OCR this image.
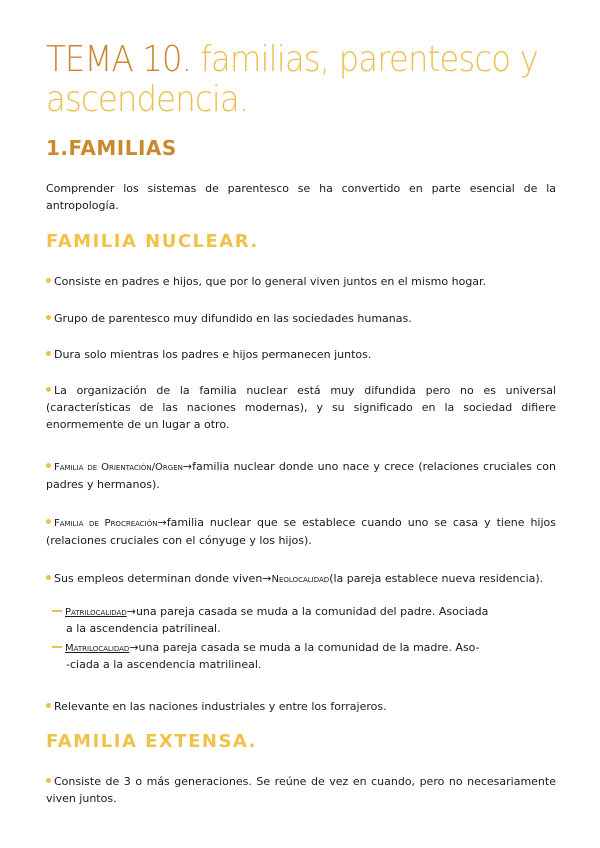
TEMA 10. familias, parentesco y ascendencia.
1.FAMILIAS
Comprender los sistemas de parentesco se ha convertido en parte esencial de la antropología.
FAMILIA NUCLEAR.
Consiste en padres e hijos, que por lo general viven juntos en el mismo hogar.
Grupo de parentesco muy difundido en las sociedades humanas.
Dura solo mientras los padres e hijos permanecen juntos.
La organización de la familia nuclear está muy difundida pero no es universal (características de las naciones modernas), y su significado en la sociedad difiere enormemente de un lugar a otro.
Familia de Orientación/Orgen→familia nuclear donde uno nace y crece (relaciones cruciales con padres y hermanos).
Familia de Procreación→familia nuclear que se establece cuando uno se casa y tiene hijos (relaciones cruciales con el cónyuge y los hijos).
Sus empleos determinan donde viven→Neolocalidad(la pareja establece nueva residencia).
Patrilocalidad→una pareja casada se muda a la comunidad del padre. Asociada
a la ascendencia patrilineal.
Matrilocalidad→una pareja casada se muda a la comunidad de la madre. Aso-
-ciada a la ascendencia matrilineal.
Relevante en las naciones industriales y entre los forrajeros.
FAMILIA EXTENSA.
Consiste de 3 o más generaciones. Se reúne de vez en cuando, pero no necesariamente viven juntos.
